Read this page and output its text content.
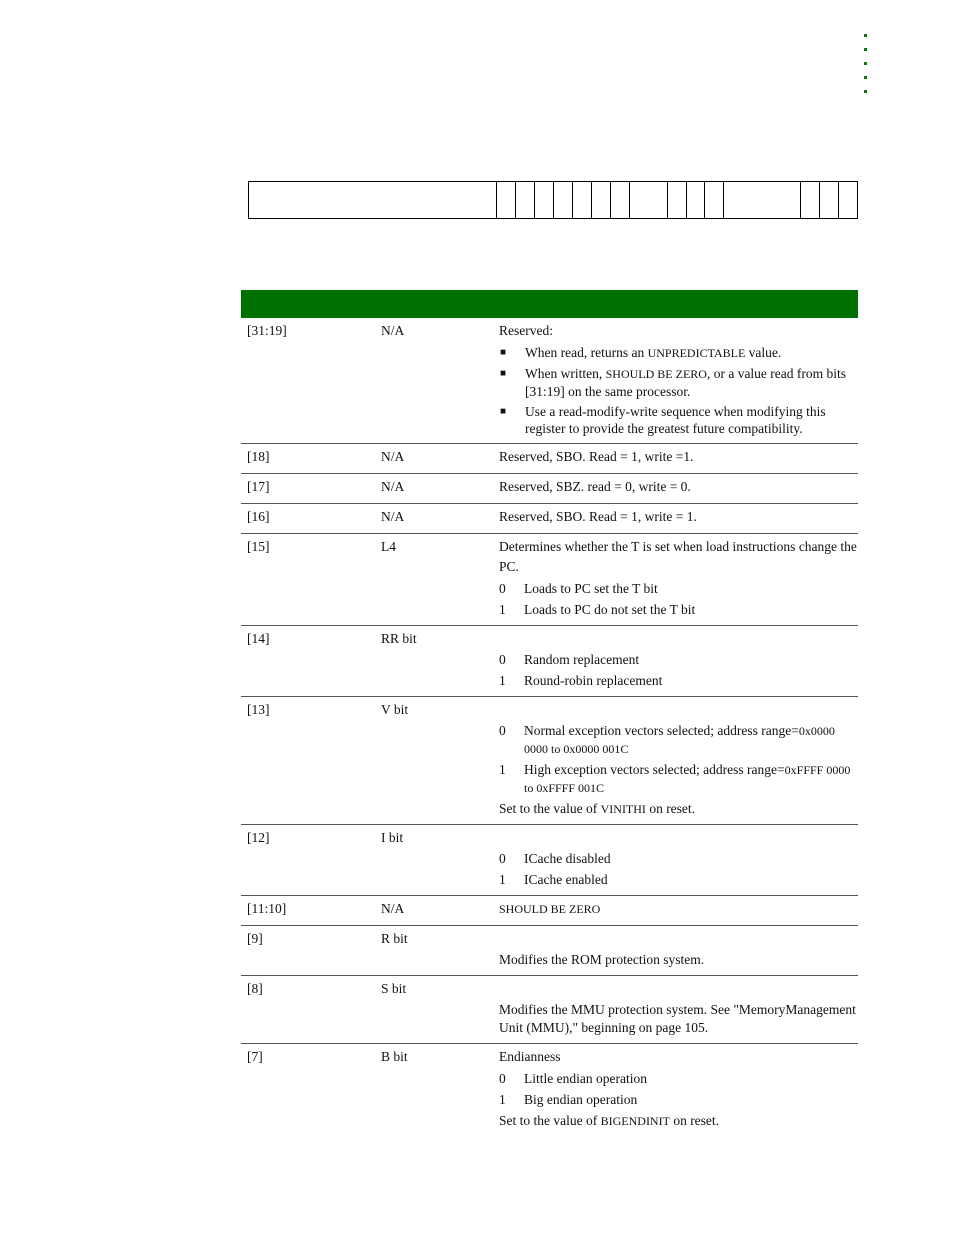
[31:19]	N/A	Reserved:
■	When read, returns an UNPREDICTABLE value.
■	When written, SHOULD BE ZERO, or a value read from bits [31:19] on the same processor.
■	Use a read-modify-write sequence when modifying this register to provide the greatest future compatibility.
[18]	N/A	Reserved, SBO. Read = 1, write =1.
[17]	N/A	Reserved, SBZ. read = 0, write = 0.
[16]	N/A	Reserved, SBO. Read = 1, write = 1.
[15]	L4	Determines whether the T is set when load instructions change the PC.
0	Loads to PC set the T bit
1	Loads to PC do not set the T bit
[14]	RR bit
0	Random replacement
1	Round-robin replacement
[13]	V bit
0	Normal exception vectors selected; address range=0x0000 0000 to 0x0000 001C
1	High exception vectors selected; address range=0xFFFF 0000 to 0xFFFF 001C
Set to the value of VINITHI on reset.
[12]	I bit
0	ICache disabled
1	ICache enabled
[11:10]	N/A	SHOULD BE ZERO
[9]	R bit
Modifies the ROM protection system.
[8]	S bit
Modifies the MMU protection system. See "MemoryManagement Unit (MMU)," beginning on page 105.
[7]	B bit	Endianness
0	Little endian operation
1	Big endian operation
Set to the value of BIGENDINIT on reset.
